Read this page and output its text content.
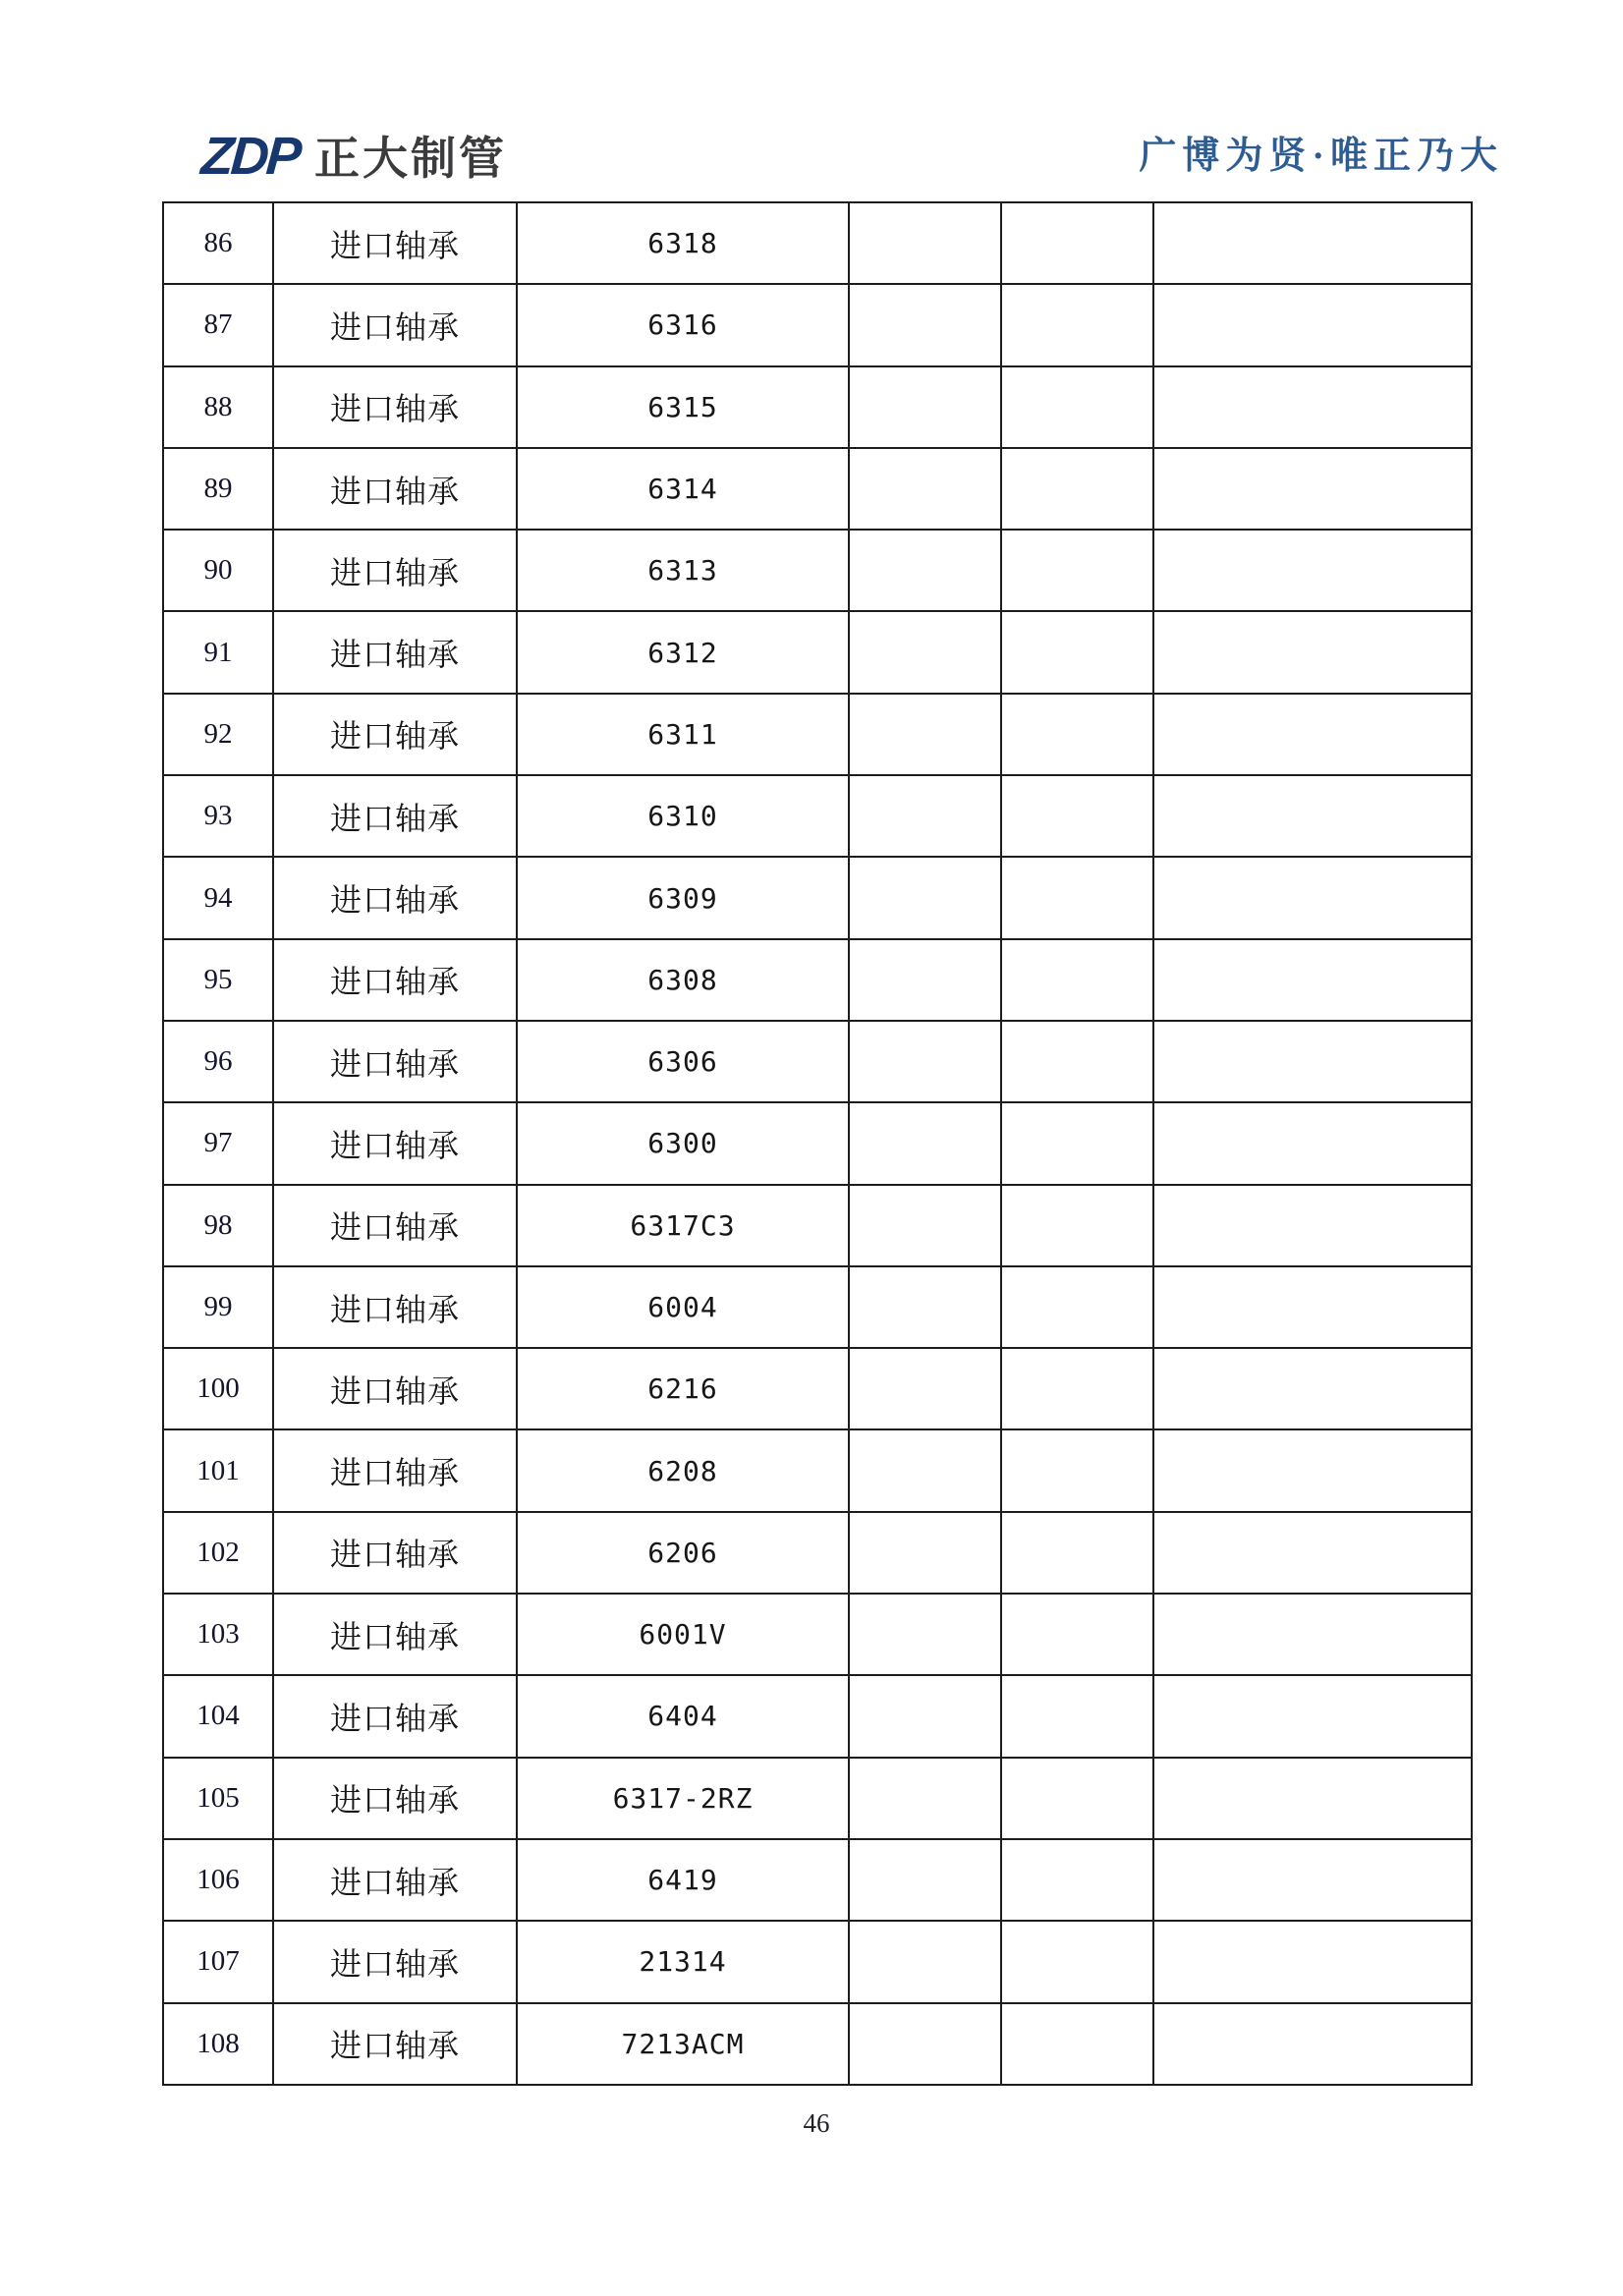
ZDP 正大制管	广博为贤·唯正乃大
86	进口轴承	6318			
87	进口轴承	6316			
88	进口轴承	6315			
89	进口轴承	6314			
90	进口轴承	6313			
91	进口轴承	6312			
92	进口轴承	6311			
93	进口轴承	6310			
94	进口轴承	6309			
95	进口轴承	6308			
96	进口轴承	6306			
97	进口轴承	6300			
98	进口轴承	6317C3			
99	进口轴承	6004			
100	进口轴承	6216			
101	进口轴承	6208			
102	进口轴承	6206			
103	进口轴承	6001V			
104	进口轴承	6404			
105	进口轴承	6317-2RZ			
106	进口轴承	6419			
107	进口轴承	21314			
108	进口轴承	7213ACM			
46
